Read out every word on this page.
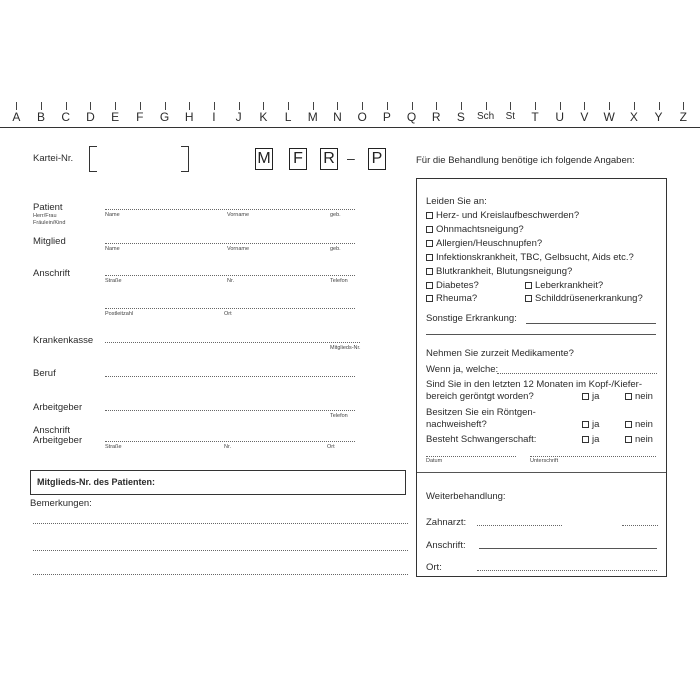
A	B	C	D	E	F	G	H	I	J	K	L	M	N	O	P	Q	R	S	Sch	St	T	U	V	W	X	Y	Z
Kartei-Nr.	M F R – P	Für die Behandlung benötige ich folgende Angaben:
Patient
Herr/Frau
Fräulein/Kind
Name	Vorname	geb.
Mitglied
Name	Vorname	geb.
Anschrift
Straße	Nr.	Telefon
Postleitzahl	Ort
Krankenkasse
Mitglieds-Nr.
Beruf
Arbeitgeber
Telefon
Anschrift
Arbeitgeber
Straße	Nr.	Ort
Mitglieds-Nr. des Patienten:
Bemerkungen:
Leiden Sie an:
Herz- und Kreislaufbeschwerden?
Ohnmachtsneigung?
Allergien/Heuschnupfen?
Infektionskrankheit, TBC, Gelbsucht, Aids etc.?
Blutkrankheit, Blutungsneigung?
Diabetes?	Leberkrankheit?
Rheuma?	Schilddrüsenerkrankung?
Sonstige Erkrankung:
Nehmen Sie zurzeit Medikamente?
Wenn ja, welche:
Sind Sie in den letzten 12 Monaten im Kopf-/Kiefer-
bereich geröntgt worden?	ja	nein
Besitzen Sie ein Röntgen-
nachweisheft?	ja	nein
Besteht Schwangerschaft:	ja	nein
Datum	Unterschrift
Weiterbehandlung:
Zahnarzt:
Anschrift:
Ort:
